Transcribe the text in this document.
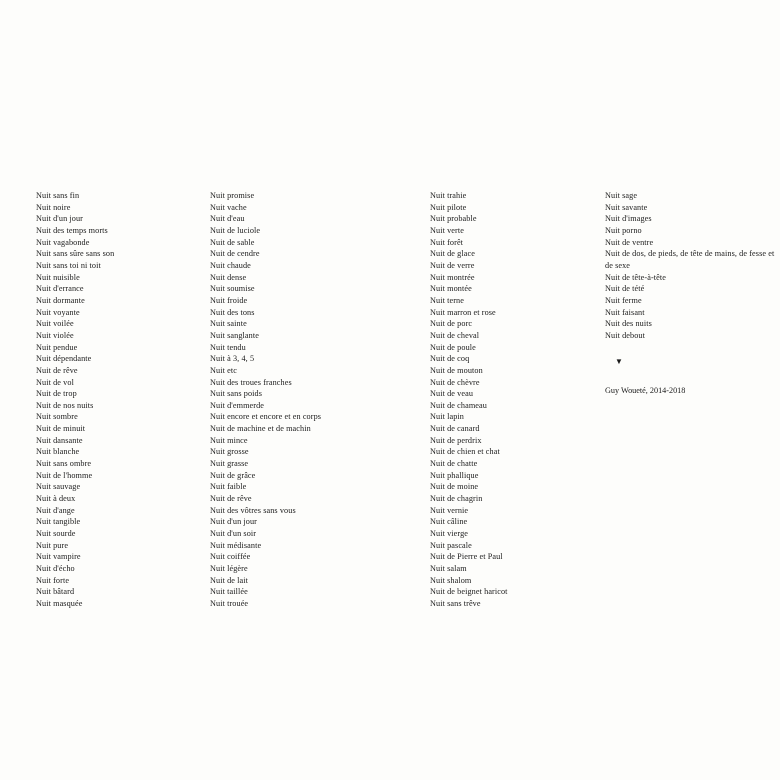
Nuit sans fin
Nuit noire
Nuit d'un jour
Nuit des temps morts
Nuit vagabonde
Nuit sans sûre sans son
Nuit sans toi ni toit
Nuit nuisible
Nuit d'errance
Nuit dormante
Nuit voyante
Nuit voilée
Nuit violée
Nuit pendue
Nuit dépendante
Nuit de rêve
Nuit de vol
Nuit de trop
Nuit de nos nuits
Nuit sombre
Nuit de minuit
Nuit dansante
Nuit blanche
Nuit sans ombre
Nuit de l'homme
Nuit sauvage
Nuit à deux
Nuit d'ange
Nuit tangible
Nuit sourde
Nuit pure
Nuit vampire
Nuit d'écho
Nuit forte
Nuit bâtard
Nuit masquée
Nuit promise
Nuit vache
Nuit d'eau
Nuit de luciole
Nuit de sable
Nuit de cendre
Nuit chaude
Nuit dense
Nuit soumise
Nuit froide
Nuit des tons
Nuit sainte
Nuit sanglante
Nuit tendu
Nuit à 3, 4, 5
Nuit etc
Nuit des troues franches
Nuit sans poids
Nuit d'emmerde
Nuit encore et encore et en corps
Nuit de machine et de machin
Nuit mince
Nuit grosse
Nuit grasse
Nuit de grâce
Nuit faible
Nuit de rêve
Nuit des vôtres sans vous
Nuit d'un jour
Nuit d'un soir
Nuit médisante
Nuit coiffée
Nuit légère
Nuit de lait
Nuit taillée
Nuit trouée
Nuit trahie
Nuit pilote
Nuit probable
Nuit verte
Nuit forêt
Nuit de glace
Nuit de verre
Nuit montrée
Nuit montée
Nuit terne
Nuit marron et rose
Nuit de porc
Nuit de cheval
Nuit de poule
Nuit de coq
Nuit de mouton
Nuit de chèvre
Nuit de veau
Nuit de chameau
Nuit lapin
Nuit de canard
Nuit de perdrix
Nuit de chien et chat
Nuit de chatte
Nuit phallique
Nuit de moine
Nuit de chagrin
Nuit vernie
Nuit câline
Nuit vierge
Nuit pascale
Nuit de Pierre et Paul
Nuit salam
Nuit shalom
Nuit de beignet haricot
Nuit sans trêve
Nuit sage
Nuit savante
Nuit d'images
Nuit porno
Nuit de ventre
Nuit de dos, de pieds, de tête de mains, de fesse et de sexe
Nuit de tête-à-tête
Nuit de tété
Nuit ferme
Nuit faisant
Nuit des nuits
Nuit debout
▼
Guy Woueté, 2014-2018
